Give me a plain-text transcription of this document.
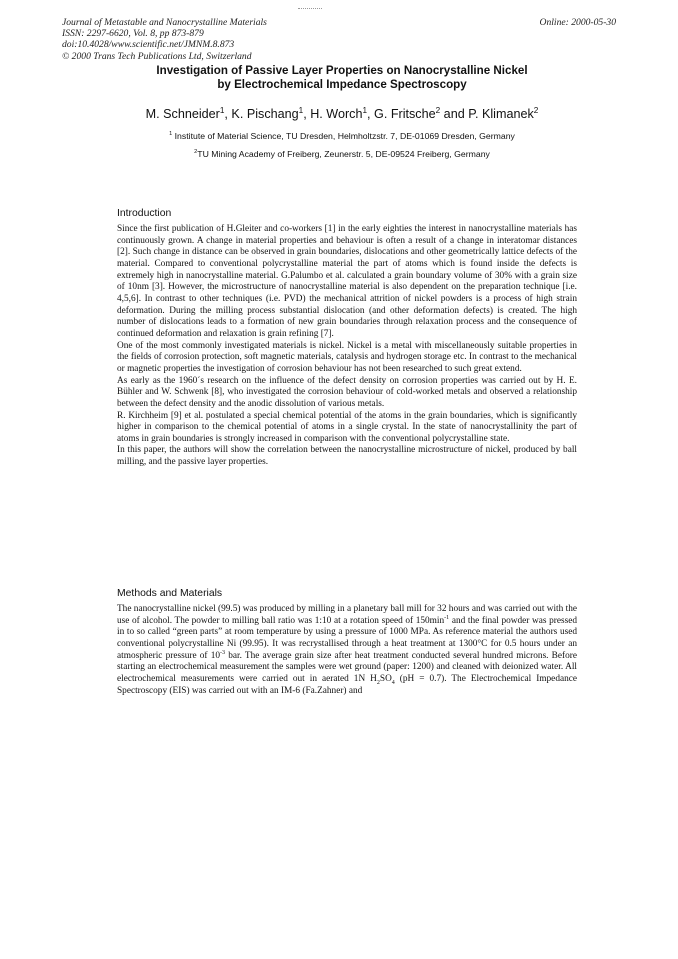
Journal of Metastable and Nanocrystalline Materials
ISSN: 2297-6620, Vol. 8, pp 873-879
doi:10.4028/www.scientific.net/JMNM.8.873
© 2000 Trans Tech Publications Ltd, Switzerland
Online: 2000-05-30
Investigation of Passive Layer Properties on Nanocrystalline Nickel
by Electrochemical Impedance Spectroscopy
M. Schneider$^1$, K. Pischang$^1$, H. Worch$^1$, G. Fritsche$^2$ and P. Klimanek$^2$
$^1$ Institute of Material Science, TU Dresden, Helmholtzstr. 7, DE-01069 Dresden, Germany
$^2$TU Mining Academy of Freiberg, Zeunerstr. 5, DE-09524 Freiberg, Germany
Introduction

Since the first publication of H.Gleiter and co-workers [1] in the early eighties the interest in nanocrystalline materials has continuously grown. A change in material properties and behaviour is often a result of a change in interatomar distances [2]. Such change in distance can be observed in grain boundaries, dislocations and other geometrically lattice defects of the material. Compared to conventional polycrystalline material the part of atoms which is found inside the defects is extremely high in nanocrystalline material. G.Palumbo et al. calculated a grain boundary volume of 30% with a grain size of 10nm [3]. However, the microstructure of nanocrystalline material is also dependent on the preparation technique [i.e. 4,5,6]. In contrast to other techniques (i.e. PVD) the mechanical attrition of nickel powders is a process of high strain deformation. During the milling process substantial dislocation (and other deformation defects) is created. The high number of dislocations leads to a formation of new grain boundaries through relaxation process and the consequence of continued deformation and relaxation is grain refining [7].

One of the most commonly investigated materials is nickel. Nickel is a metal with miscellaneously suitable properties in the fields of corrosion protection, soft magnetic materials, catalysis and hydrogen storage etc. In contrast to the mechanical or magnetic properties the investigation of corrosion behaviour has not been researched to such great extend.

As early as the 1960´s research on the influence of the defect density on corrosion properties was carried out by H. E. Bühler and W. Schwenk [8], who investigated the corrosion behaviour of cold-worked metals and observed a relationship between the defect density and the anodic dissolution of various metals.

R. Kirchheim [9] et al. postulated a special chemical potential of the atoms in the grain boundaries, which is significantly higher in comparison to the chemical potential of atoms in a single crystal. In the state of nanocrystallinity the part of atoms in grain boundaries is strongly increased in comparison with the conventional polycrystalline state.

In this paper, the authors will show the correlation between the nanocrystalline microstructure of nickel, produced by ball milling, and the passive layer properties.

Methods and Materials

The nanocrystalline nickel (99.5) was produced by milling in a planetary ball mill for 32 hours and was carried out with the use of alcohol. The powder to milling ball ratio was 1:10 at a rotation speed of $150\min^{-1}$ and the final powder was pressed in to so called “green parts” at room temperature by using a pressure of 1000 MPa. As reference material the authors used conventional polycrystalline Ni (99.95). It was recrystallised through a heat treatment at 1300°C for 0.5 hours under an atmospheric pressure of $10^{-3}$ bar. The average grain size after heat treatment conducted several hundred microns. Before starting an electrochemical measurement the samples were wet ground (paper: 1200) and cleaned with deionized water. All electrochemical measurements were carried out in aerated 1N $H_2SO_4$ (pH = 0.7). The Electrochemical Impedance Spectroscopy (EIS) was carried out with an IM-6 (Fa.Zahner) and
